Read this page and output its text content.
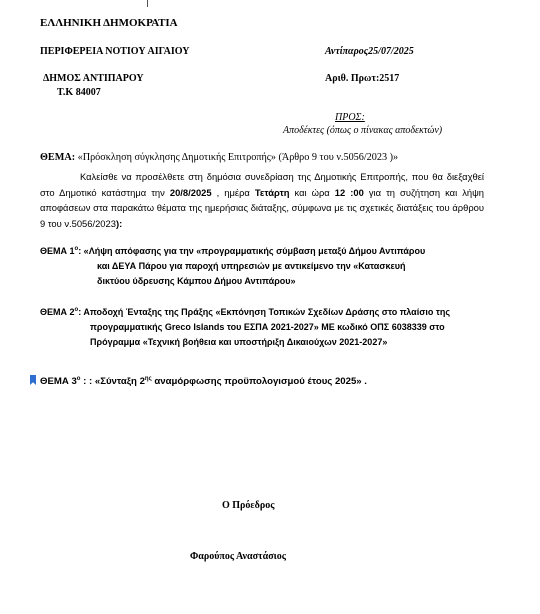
ΕΛΛΗΝΙΚΗ ΔΗΜΟΚΡΑΤΙΑ
ΠΕΡΙΦΕΡΕΙΑ ΝΟΤΙΟΥ ΑΙΓΑΙΟΥ	Αντίπαρος25/07/2025
ΔΗΜΟΣ ΑΝΤΙΠΑΡΟΥ	Αριθ. Πρωτ:2517
Τ.Κ 84007
ΠΡΟΣ:
Αποδέκτες (όπως ο πίνακας αποδεκτών)
ΘΕΜΑ: «Πρόσκληση σύγκλησης Δημοτικής Επιτροπής» (Άρθρο 9 του ν.5056/2023 )»
Καλείσθε να προσέλθετε στη δημόσια συνεδρίαση της Δημοτικής Επιτροπής, που θα διεξαχθεί στο Δημοτικό κατάστημα την 20/8/2025 , ημέρα Τετάρτη και ώρα 12 :00 για τη συζήτηση και λήψη αποφάσεων στα παρακάτω θέματα της ημερήσιας διάταξης, σύμφωνα με τις σχετικές διατάξεις του άρθρου 9 του ν.5056/2023):
ΘΕΜΑ $1^o$: «Λήψη απόφασης για την «προγραμματικής σύμβαση μεταξύ Δήμου Αντιπάρου
και ΔΕΥΑ Πάρου για παροχή υπηρεσιών με αντικείμενο την «Κατασκευή
δικτύου ύδρευσης Κάμπου Δήμου Αντιπάρου»
ΘΕΜΑ $2^o$: Αποδοχή Ένταξης της Πράξης «Εκπόνηση Τοπικών Σχεδίων Δράσης στο πλαίσιο της
προγραμματικής Greco Islands του ΕΣΠΑ 2021-2027» ΜΕ κωδικό ΟΠΣ 6038339 στο
Πρόγραμμα «Τεχνική βοήθεια και υποστήριξη Δικαιούχων 2021-2027»
ΘΕΜΑ $3^o$ : : «Σύνταξη $2^{\eta\varsigma}$ αναμόρφωσης προϋπολογισμού έτους 2025» .
Ο Πρόεδρος
Φαρούπος Αναστάσιος
